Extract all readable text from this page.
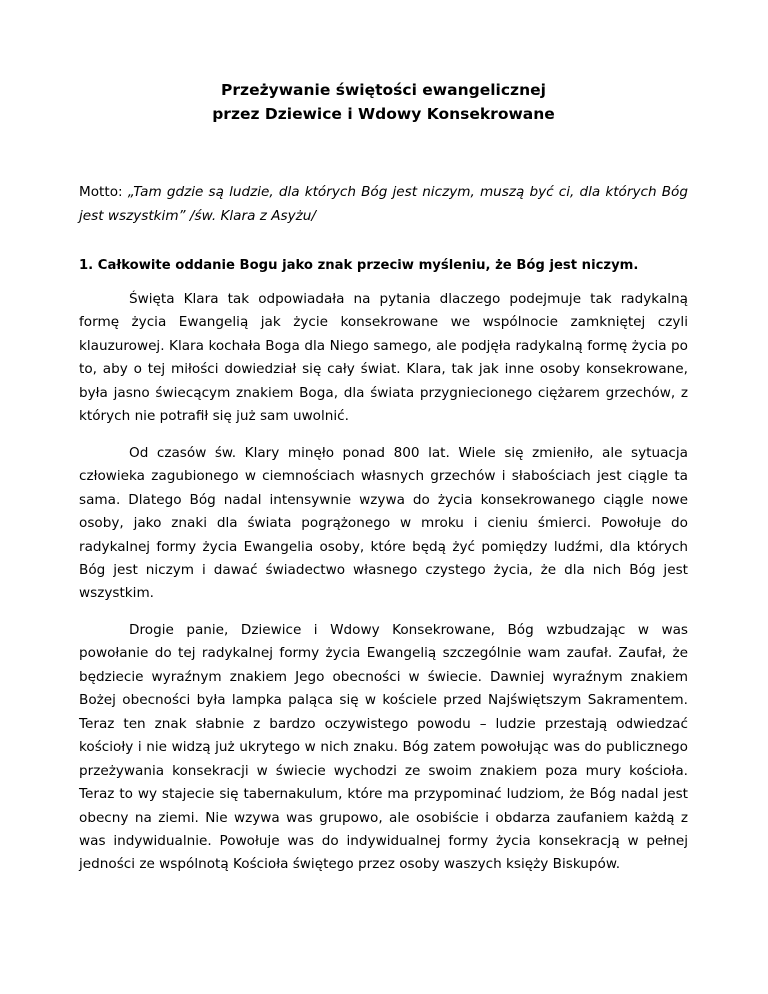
Przeżywanie świętości ewangelicznej
przez Dziewice i Wdowy Konsekrowane
Motto: „Tam gdzie są ludzie, dla których Bóg jest niczym, muszą być ci, dla których Bóg jest wszystkim” /św. Klara z Asyżu/
1. Całkowite oddanie Bogu jako znak przeciw myśleniu, że Bóg jest niczym.

Święta Klara tak odpowiadała na pytania dlaczego podejmuje tak radykalną formę życia Ewangelią jak życie konsekrowane we wspólnocie zamkniętej czyli klauzurowej. Klara kochała Boga dla Niego samego, ale podjęła radykalną formę życia po to, aby o tej miłości dowiedział się cały świat. Klara, tak jak inne osoby konsekrowane, była jasno świecącym znakiem Boga, dla świata przygniecionego ciężarem grzechów, z których nie potrafił się już sam uwolnić.

Od czasów św. Klary minęło ponad 800 lat. Wiele się zmieniło, ale sytuacja człowieka zagubionego w ciemnościach własnych grzechów i słabościach jest ciągle ta sama. Dlatego Bóg nadal intensywnie wzywa do życia konsekrowanego ciągle nowe osoby, jako znaki dla świata pogrążonego w mroku i cieniu śmierci. Powołuje do radykalnej formy życia Ewangelia osoby, które będą żyć pomiędzy ludźmi, dla których Bóg jest niczym i dawać świadectwo własnego czystego życia, że dla nich Bóg jest wszystkim.

Drogie panie, Dziewice i Wdowy Konsekrowane, Bóg wzbudzając w was powołanie do tej radykalnej formy życia Ewangelią szczególnie wam zaufał. Zaufał, że będziecie wyraźnym znakiem Jego obecności w świecie. Dawniej wyraźnym znakiem Bożej obecności była lampka paląca się w kościele przed Najświętszym Sakramentem. Teraz ten znak słabnie z bardzo oczywistego powodu – ludzie przestają odwiedzać kościoły i nie widzą już ukrytego w nich znaku. Bóg zatem powołując was do publicznego przeżywania konsekracji w świecie wychodzi ze swoim znakiem poza mury kościoła. Teraz to wy stajecie się tabernakulum, które ma przypominać ludziom, że Bóg nadal jest obecny na ziemi. Nie wzywa was grupowo, ale osobiście i obdarza zaufaniem każdą z was indywidualnie. Powołuje was do indywidualnej formy życia konsekracją w pełnej jedności ze wspólnotą Kościoła świętego przez osoby waszych księży Biskupów.
